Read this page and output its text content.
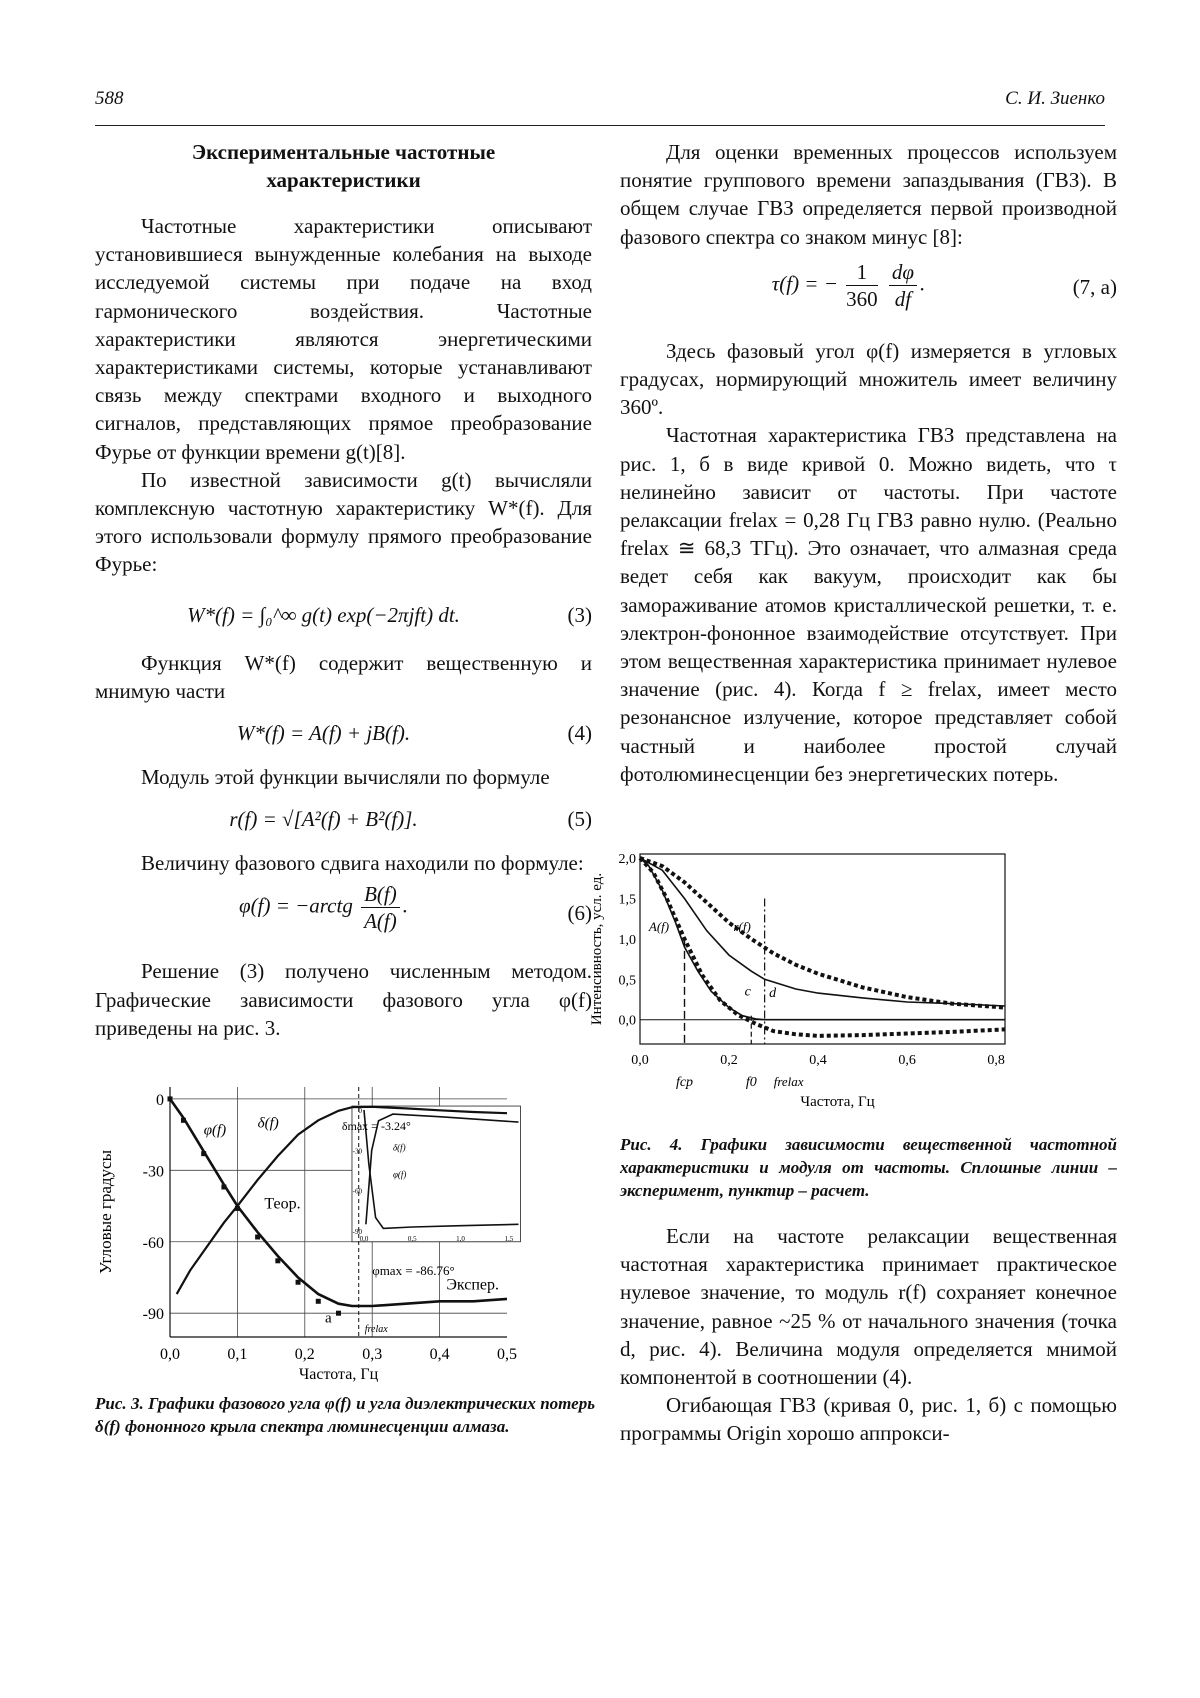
588	С. И. Зиенко
Экспериментальные частотные
характеристики

Частотные характеристики описывают установившиеся вынужденные колебания на выходе исследуемой системы при подаче на вход гармонического воздействия. Частотные характеристики являются энергетическими характеристиками системы, которые устанавливают связь между спектрами входного и выходного сигналов, представляющих прямое преобразование Фурье от функции времени g(t)[8].

По известной зависимости g(t) вычисляли комплексную частотную характеристику W*(f). Для этого использовали формулу прямого преобразование Фурье:

W*(f) = ∫₀^∞ g(t) exp(−2πjft) dt.	(3)

Функция W*(f) содержит вещественную и мнимую части

W*(f) = A(f) + jB(f).	(4)

Модуль этой функции вычисляли по формуле

r(f) = √[A²(f) + B²(f)].	(5)

Величину фазового сдвига находили по формуле:

φ(f) = −arctg $\frac{B(f)}{A(f)}$ .	(6)

Решение (3) получено численным методом. Графические зависимости фазового угла φ(f) приведены на рис. 3.

0
-30
-60
-90
0,0	0,5	1,0	1,5
δ(f)
φ(f)
0
-30
-60
-90
0,0	0,1	0,2	0,3	0,4	0,5
Угловые градусы
Частота, Гц
φ(f) δ(f)
Теор.
Экспер.
а
frelax
δmax = -3.24°
φmax = -86.76°
Рис. 3. Графики фазового угла φ(f) и угла диэлектрических потерь δ(f) фононного крыла спектра люминесценции алмаза.

Для оценки временных процессов используем понятие группового времени запаздывания (ГВЗ). В общем случае ГВЗ определяется первой производной фазового спектра со знаком минус [8]:

τ(f) = − $\frac{1}{360}$
$\frac{d\varphi}{df}$ .	(7, а)

Здесь фазовый угол φ(f) измеряется в угловых градусах, нормирующий множитель имеет величину 360º.

Частотная характеристика ГВЗ представлена на рис. 1, б в виде кривой 0. Можно видеть, что τ нелинейно зависит от частоты. При частоте релаксации frelax = 0,28 Гц ГВЗ равно нулю. (Реально frelax ≅ 68,3 ТГц). Это означает, что алмазная среда ведет себя как вакуум, происходит как бы замораживание атомов кристаллической решетки, т. е. электрон-фононное взаимодействие отсутствует. При этом вещественная характеристика принимает нулевое значение (рис. 4). Когда f ≥ frelax, имеет место резонансное излучение, которое представляет собой частный и наиболее простой случай фотолюминесценции без энергетических потерь.

2,0
1,5
1,0
0,5
0,0
0,0	0,2	0,4	0,6	0,8
Интенсивность, усл. ед.
Частота, Гц
A(f)	r(f)
c d
fср	f0 frelax
Рис. 4. Графики зависимости вещественной частотной характеристики и модуля от частоты. Сплошные линии – эксперимент, пунктир – расчет.

Если на частоте релаксации вещественная частотная характеристика принимает практическое нулевое значение, то модуль r(f) сохраняет конечное значение, равное ~25 % от начального значения (точка d, рис. 4). Величина модуля определяется мнимой компонентой в соотношении (4).

Огибающая ГВЗ (кривая 0, рис. 1, б) с помощью программы Origin хорошо аппрокси-
